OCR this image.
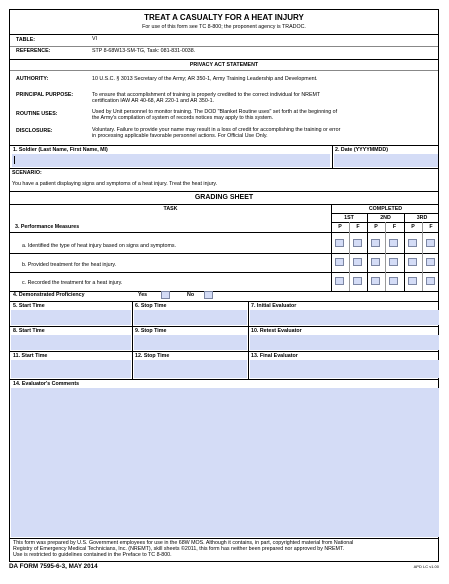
TREAT A CASUALTY FOR A HEAT INJURY
For use of this form see TC 8-800; the proponent agency is TRADOC.
TABLE:	VI
REFERENCE:	STP 8-68W13-SM-TG, Task: 081-831-0038.
PRIVACY ACT STATEMENT
AUTHORITY:	10 U.S.C. § 3013 Secretary of the Army; AR 350-1, Army Training Leadership and Development.
PRINCIPAL PURPOSE:	To ensure that accomplishment of training is properly credited to the correct individual for NREMT
certification IAW AR 40-68, AR 220-1 and AR 350-1.
ROUTINE USES:	Used by Unit personnel to monitor training. The DOD "Blanket Routine uses" set forth at the beginning of
the Army's compilation of system of records notices may apply to this system.
DISCLOSURE:	Voluntary. Failure to provide your name may result in a loss of credit for accomplishing the training or error
in processing applicable favorable personnel actions. For Official Use Only.
1. Soldier (Last Name, First Name, MI)	2. Date (YYYYMMDD)
SCENARIO:
You have a patient displaying signs and symptoms of a heat injury. Treat the heat injury.
GRADING SHEET
TASK	COMPLETED
1ST	2ND	3RD
3. Performance Measures	P	F	P	F	P	F
a. Identified the type of heat injury based on signs and symptoms.
b. Provided treatment for the heat injury.
c. Recorded the treatment for a heat injury.
4. Demonstrated Proficiency	Yes	No
5. Start Time	6. Stop Time	7. Initial Evaluator
8. Start Time	9. Stop Time	10. Retest Evaluator
11. Start Time	12. Stop Time	13. Final Evaluator
14. Evaluator's Comments
This form was prepared by U.S. Government employees for use in the 68W MOS. Although it contains, in part, copyrighted material from National
Registry of Emergency Medical Technicians, Inc. (NREMT), skill sheets ©2011, this form has neither been prepared nor approved by NREMT.
Use is restricted to guidelines contained in the Preface to TC 8-800.
DA FORM 7595-6-3, MAY 2014	APD LC v1.00
